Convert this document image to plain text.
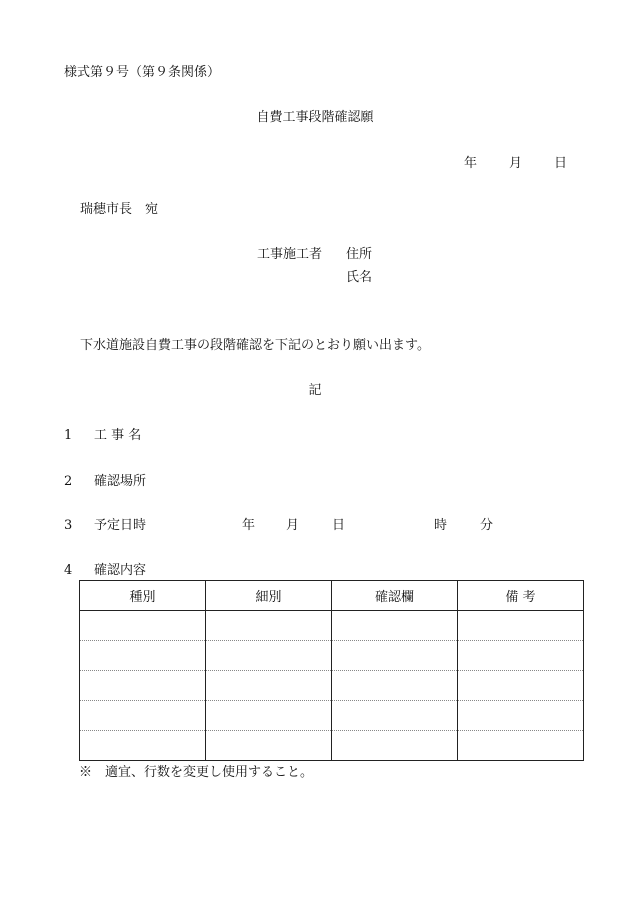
様式第９号（第９条関係）
自費工事段階確認願
年 月 日
瑞穂市長　宛
工事施工者 住所
氏名
下水道施設自費工事の段階確認を下記のとおり願い出ます。
記
1 工 事 名
2 確認場所
3 予定日時	年 月	日	時	分
4 確認内容
種別	細別	確認欄	備 考

※　適宜、行数を変更し使用すること。
